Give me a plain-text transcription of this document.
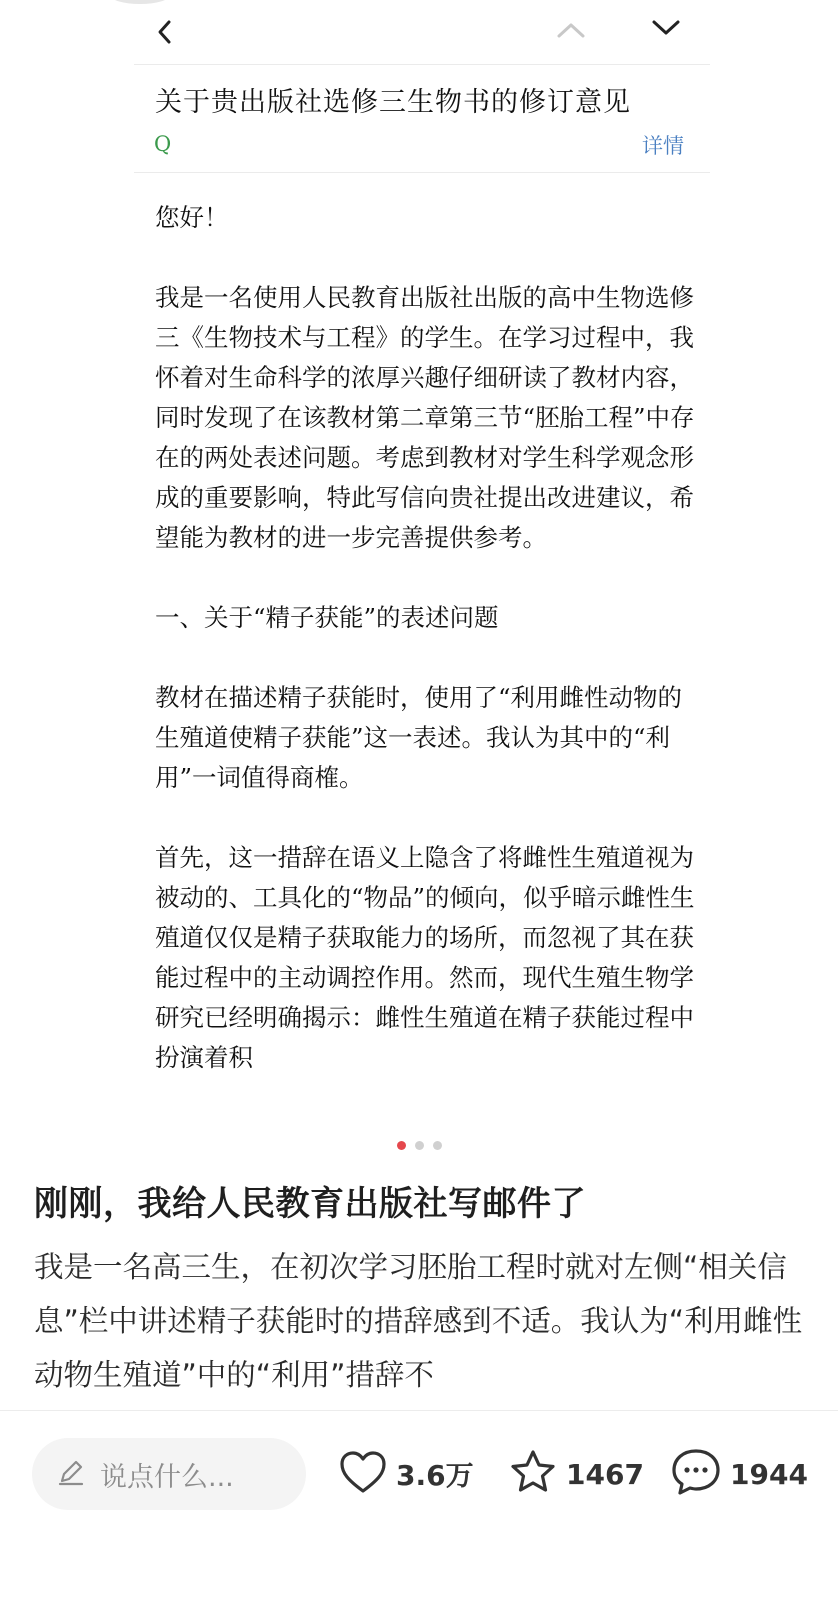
关于贵出版社选修三生物书的修订意见
Q	详情

您好！

我是一名使用人民教育出版社出版的高中生物选修三《生物技术与工程》的学生。在学习过程中，我怀着对生命科学的浓厚兴趣仔细研读了教材内容，同时发现了在该教材第二章第三节“胚胎工程”中存在的两处表述问题。考虑到教材对学生科学观念形成的重要影响，特此写信向贵社提出改进建议，希望能为教材的进一步完善提供参考。

一、关于“精子获能”的表述问题

教材在描述精子获能时，使用了“利用雌性动物的生殖道使精子获能”这一表述。我认为其中的“利用”一词值得商榷。

首先，这一措辞在语义上隐含了将雌性生殖道视为被动的、工具化的“物品”的倾向，似乎暗示雌性生殖道仅仅是精子获取能力的场所，而忽视了其在获能过程中的主动调控作用。然而，现代生殖生物学研究已经明确揭示：雌性生殖道在精子获能过程中扮演着积

刚刚，我给人民教育出版社写邮件了
我是一名高三生，在初次学习胚胎工程时就对左侧“相关信息”栏中讲述精子获能时的措辞感到不适。我认为“利用雌性动物生殖道”中的“利用”措辞不
说点什么...	3.6万	1467	1944
